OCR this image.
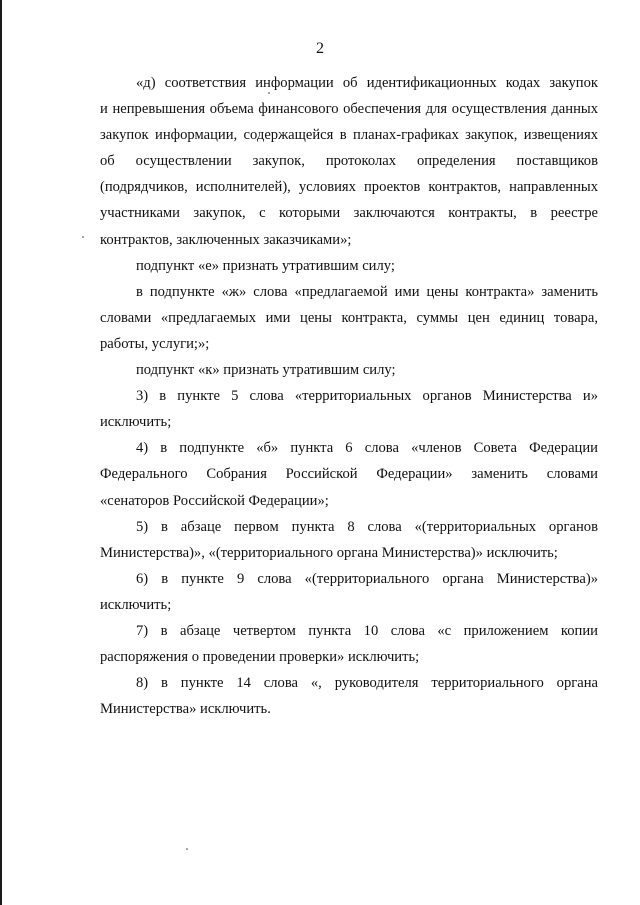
2

«д) соответствия информации об идентификационных кодах закупок
и непревышения объема финансового обеспечения для осуществления данных
закупок информации, содержащейся в планах-графиках закупок, извещениях
об осуществлении закупок, протоколах определения поставщиков
(подрядчиков, исполнителей), условиях проектов контрактов, направленных
участниками закупок, с которыми заключаются контракты, в реестре
контрактов, заключенных заказчиками»;
подпункт «е» признать утратившим силу;
в подпункте «ж» слова «предлагаемой ими цены контракта» заменить
словами «предлагаемых ими цены контракта, суммы цен единиц товара,
работы, услуги;»;
подпункт «к» признать утратившим силу;
3) в пункте 5 слова «территориальных органов Министерства и»
исключить;
4) в подпункте «б» пункта 6 слова «членов Совета Федерации
Федерального Собрания Российской Федерации» заменить словами
«сенаторов Российской Федерации»;
5) в абзаце первом пункта 8 слова «(территориальных органов
Министерства)», «(территориального органа Министерства)» исключить;
6) в пункте 9 слова «(территориального органа Министерства)»
исключить;
7) в абзаце четвертом пункта 10 слова «с приложением копии
распоряжения о проведении проверки» исключить;
8) в пункте 14 слова «, руководителя территориального органа
Министерства» исключить.
